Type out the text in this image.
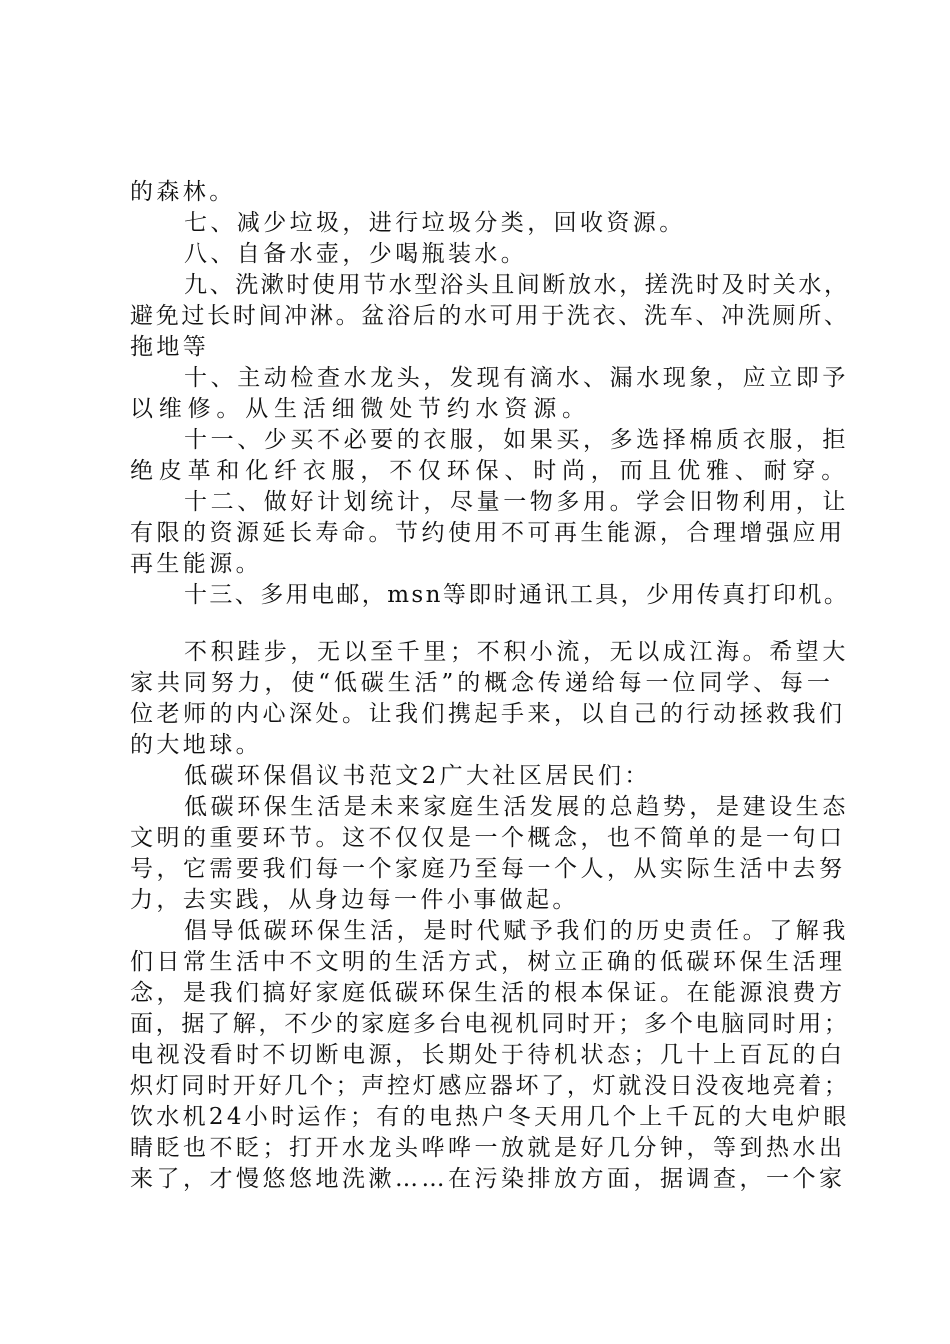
的森林。
七、减少垃圾，进行垃圾分类，回收资源。
八、自备水壶，少喝瓶装水。
九、洗漱时使用节水型浴头且间断放水，搓洗时及时关水，
避免过长时间冲淋。盆浴后的水可用于洗衣、洗车、冲洗厕所、
拖地等
十、主动检查水龙头，发现有滴水、漏水现象，应立即予
以维修。从生活细微处节约水资源。
十一、少买不必要的衣服，如果买，多选择棉质衣服，拒
绝皮革和化纤衣服，不仅环保、时尚，而且优雅、耐穿。
十二、做好计划统计，尽量一物多用。学会旧物利用，让
有限的资源延长寿命。节约使用不可再生能源，合理增强应用
再生能源。
十三、多用电邮，msn等即时通讯工具，少用传真打印机。
不积跬步，无以至千里；不积小流，无以成江海。希望大
家共同努力，使“低碳生活”的概念传递给每一位同学、每一
位老师的内心深处。让我们携起手来，以自己的行动拯救我们
的大地球。
低碳环保倡议书范文2广大社区居民们：
低碳环保生活是未来家庭生活发展的总趋势，是建设生态
文明的重要环节。这不仅仅是一个概念，也不简单的是一句口
号，它需要我们每一个家庭乃至每一个人，从实际生活中去努
力，去实践，从身边每一件小事做起。
倡导低碳环保生活，是时代赋予我们的历史责任。了解我
们日常生活中不文明的生活方式，树立正确的低碳环保生活理
念，是我们搞好家庭低碳环保生活的根本保证。在能源浪费方
面，据了解，不少的家庭多台电视机同时开；多个电脑同时用；
电视没看时不切断电源，长期处于待机状态；几十上百瓦的白
炽灯同时开好几个；声控灯感应器坏了，灯就没日没夜地亮着；
饮水机24小时运作；有的电热户冬天用几个上千瓦的大电炉眼
睛眨也不眨；打开水龙头哗哗一放就是好几分钟，等到热水出
来了，才慢悠悠地洗漱……在污染排放方面，据调查，一个家
